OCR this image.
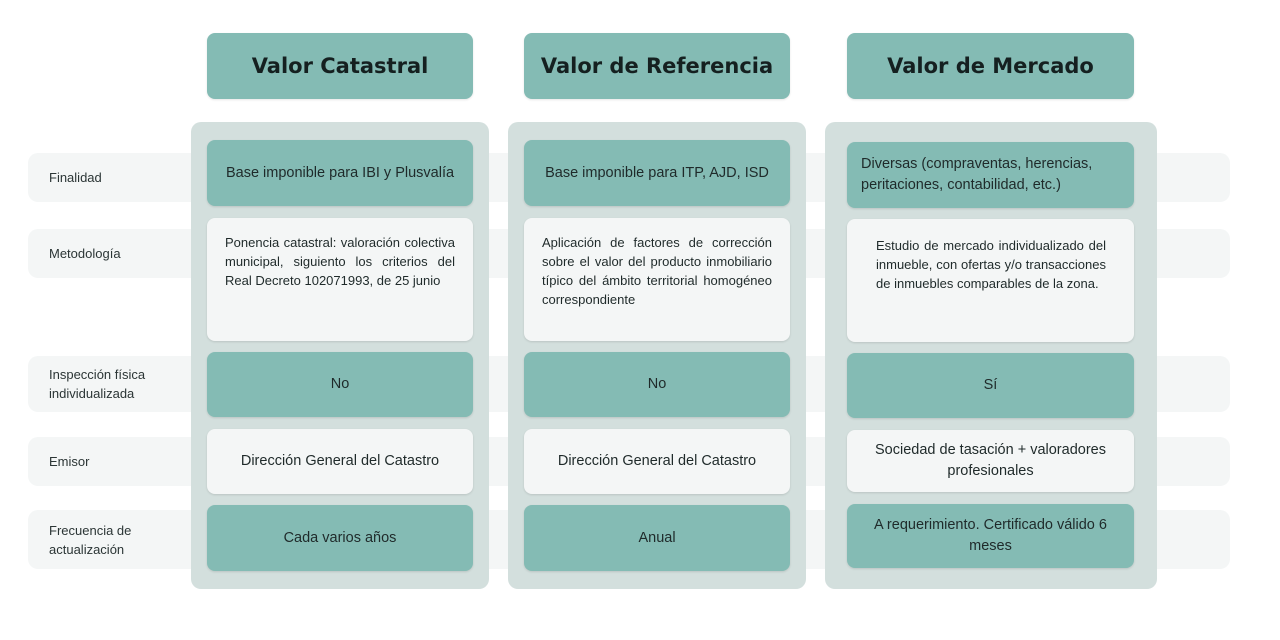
Finalidad
Metodología
Inspección física individualizada
Emisor
Frecuencia de actualización
Valor Catastral	Valor de Referencia	Valor de Mercado
Base imponible para IBI y Plusvalía
Ponencia catastral: valoración colectiva municipal, siguiento los criterios del Real Decreto 102071993, de 25 junio
No
Dirección General del Catastro
Cada varios años
Base imponible para ITP, AJD, ISD
Aplicación de factores de corrección sobre el valor del producto inmobiliario típico del ámbito territorial homogéneo correspondiente
No
Dirección General del Catastro
Anual
Diversas (compraventas, herencias, peritaciones, contabilidad, etc.)
Estudio de mercado individualizado del inmueble, con ofertas y/o transacciones de inmuebles comparables de la zona.
Sí
Sociedad de tasación + valoradores profesionales
A requerimiento. Certificado válido 6 meses
